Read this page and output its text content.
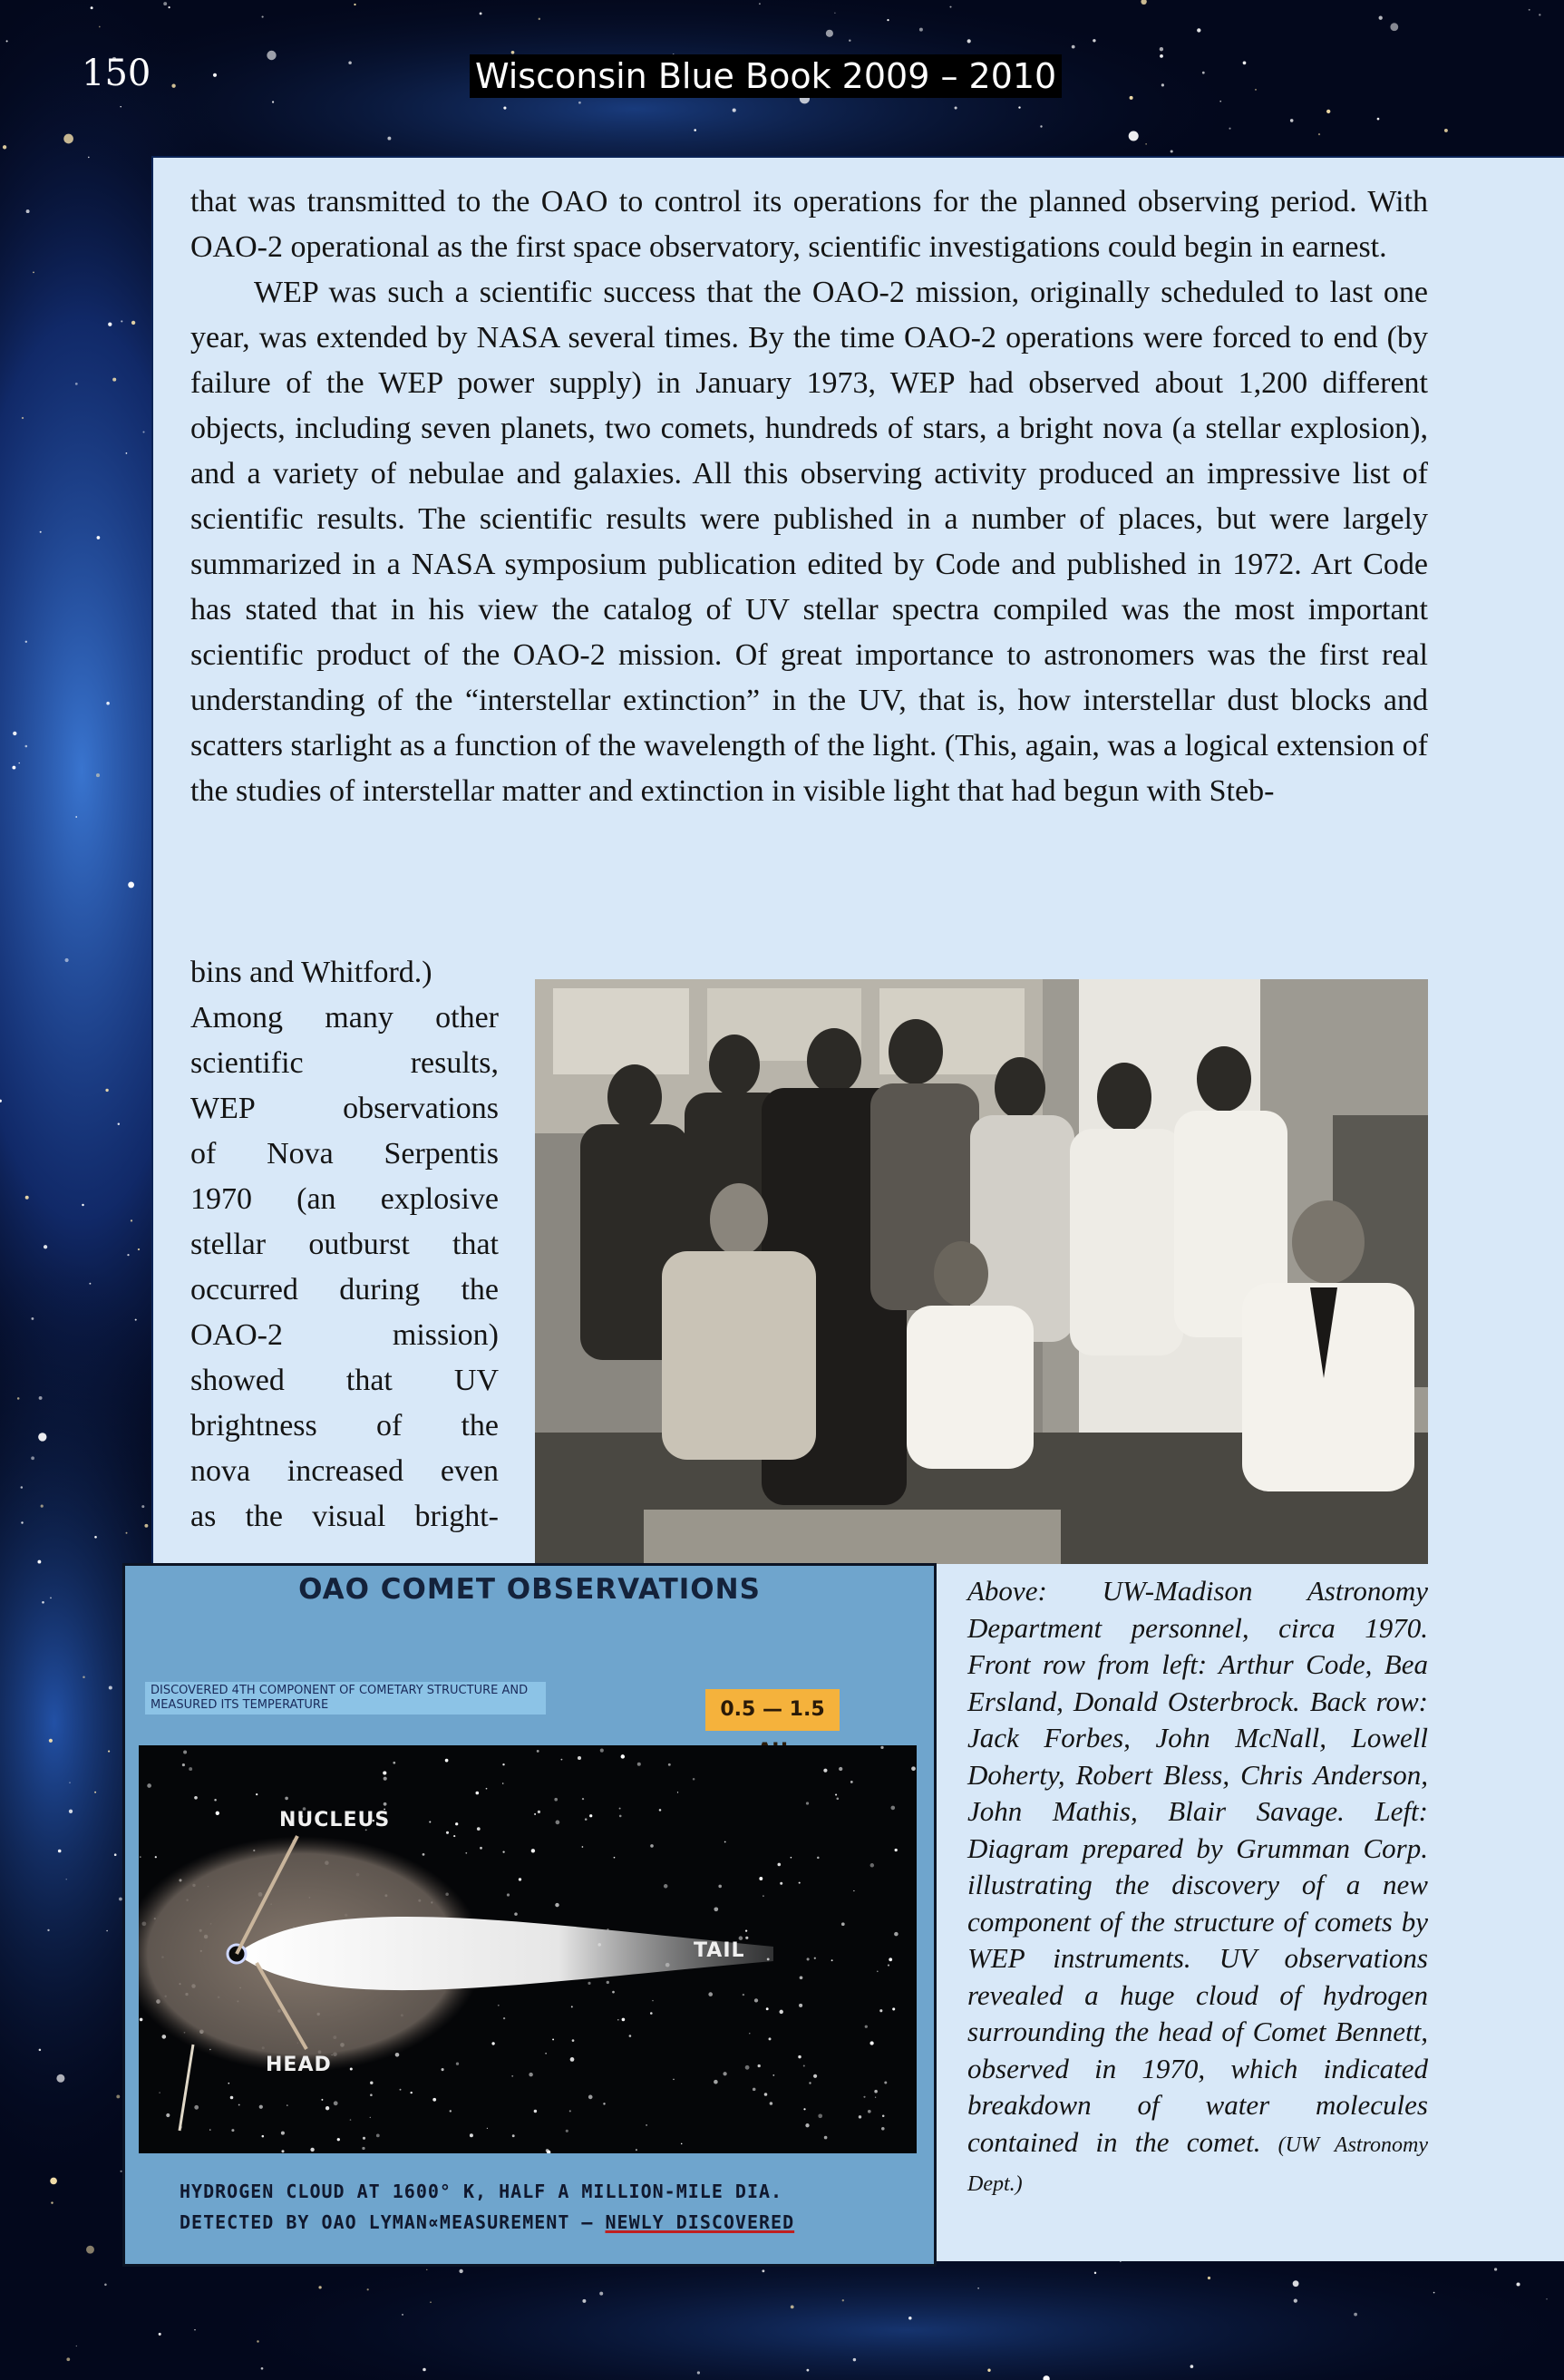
150	Wisconsin Blue Book 2009 – 2010

that was transmitted to the OAO to control its operations for the planned observing period. With OAO-2 operational as the first space observatory, scientific investigations could begin in earnest.

WEP was such a scientific success that the OAO-2 mission, originally scheduled to last one year, was extended by NASA several times. By the time OAO-2 operations were forced to end (by failure of the WEP power supply) in January 1973, WEP had observed about 1,200 different objects, including seven planets, two comets, hundreds of stars, a bright nova (a stellar explosion), and a variety of nebulae and galaxies. All this observing activity produced an impressive list of scientific results. The scientific results were published in a number of places, but were largely summarized in a NASA symposium publication edited by Code and published in 1972. Art Code has stated that in his view the catalog of UV stellar spectra compiled was the most important scientific product of the OAO-2 mission. Of great importance to astronomers was the first real understanding of the “interstellar extinction” in the UV, that is, how interstellar dust blocks and scatters starlight as a function of the wavelength of the light. (This, again, was a logical extension of the studies of interstellar matter and extinction in visible light that had begun with Steb-

bins and Whitford.)
Among many other
scientific results,
WEP observations
of Nova Serpentis
1970 (an explosive
stellar outburst that
occurred during the
OAO-2 mission)
showed that UV
brightness of the
nova increased even
as the visual bright-
OAO COMET OBSERVATIONS
DISCOVERED 4TH COMPONENT OF COMETARY STRUCTURE AND MEASURED ITS TEMPERATURE	0.5 — 1.5
NUCLEUS
TAIL
HEAD
HYDROGEN CLOUD AT 1600° K, HALF A MILLION-MILE DIA.
DETECTED BY OAO LYMAN∝MEASUREMENT – NEWLY DISCOVERED
Above: UW-Madison Astronomy Department personnel, circa 1970. Front row from left: Arthur Code, Bea Ersland, Donald Osterbrock. Back row: Jack Forbes, John McNall, Lowell Doherty, Robert Bless, Chris Anderson, John Mathis, Blair Savage. Left: Diagram prepared by Grumman Corp. illustrating the discovery of a new component of the structure of comets by WEP instruments. UV observations revealed a huge cloud of hydrogen surrounding the head of Comet Bennett, observed in 1970, which indicated breakdown of water molecules contained in the comet. (UW Astronomy Dept.)
